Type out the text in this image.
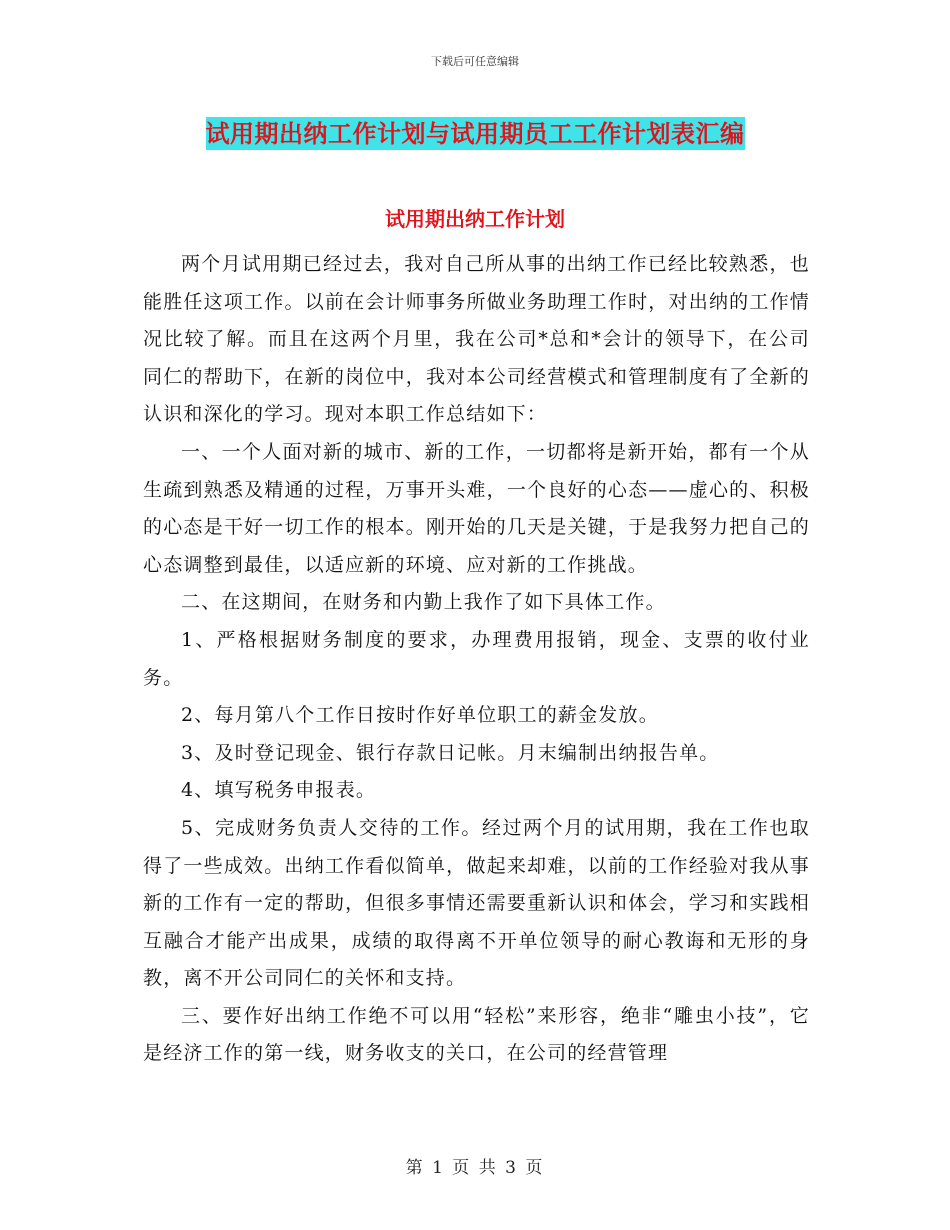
下载后可任意编辑
试用期出纳工作计划与试用期员工工作计划表汇编
试用期出纳工作计划

两个月试用期已经过去，我对自己所从事的出纳工作已经比较熟悉，也能胜任这项工作。以前在会计师事务所做业务助理工作时，对出纳的工作情况比较了解。而且在这两个月里，我在公司*总和*会计的领导下，在公司同仁的帮助下，在新的岗位中，我对本公司经营模式和管理制度有了全新的认识和深化的学习。现对本职工作总结如下：

一、一个人面对新的城市、新的工作，一切都将是新开始，都有一个从生疏到熟悉及精通的过程，万事开头难，一个良好的心态——虚心的、积极的心态是干好一切工作的根本。刚开始的几天是关键，于是我努力把自己的心态调整到最佳，以适应新的环境、应对新的工作挑战。

二、在这期间，在财务和内勤上我作了如下具体工作。

1、严格根据财务制度的要求，办理费用报销，现金、支票的收付业务。

2、每月第八个工作日按时作好单位职工的薪金发放。

3、及时登记现金、银行存款日记帐。月末编制出纳报告单。

4、填写税务申报表。

5、完成财务负责人交待的工作。经过两个月的试用期，我在工作也取得了一些成效。出纳工作看似简单，做起来却难，以前的工作经验对我从事新的工作有一定的帮助，但很多事情还需要重新认识和体会，学习和实践相互融合才能产出成果，成绩的取得离不开单位领导的耐心教诲和无形的身教，离不开公司同仁的关怀和支持。

三、要作好出纳工作绝不可以用“轻松”来形容，绝非“雕虫小技”，它是经济工作的第一线，财务收支的关口，在公司的经营管理

第 1 页 共 3 页
